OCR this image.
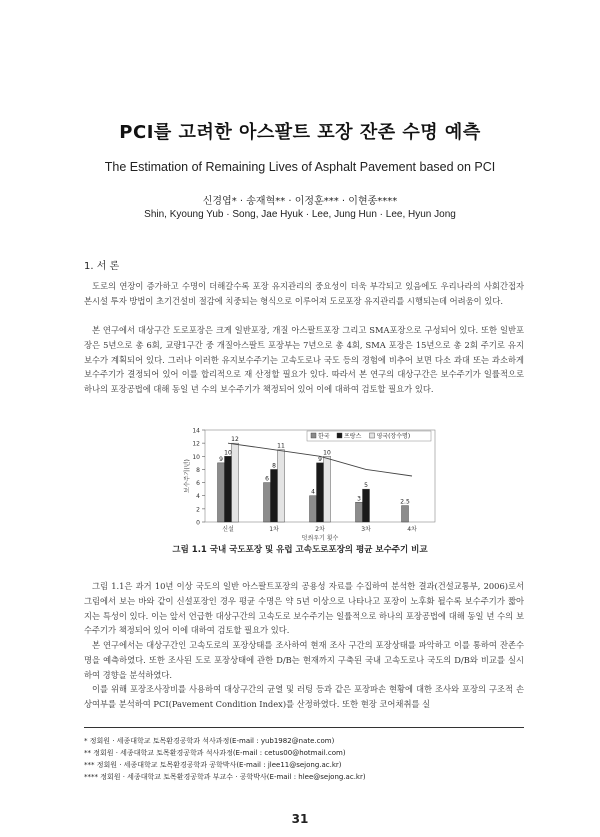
PCI를 고려한 아스팔트 포장 잔존 수명 예측
The Estimation of Remaining Lives of Asphalt Pavement based on PCI
신경엽* · 송재혁** · 이정훈*** · 이현종****
Shin, Kyoung Yub · Song, Jae Hyuk · Lee, Jung Hun · Lee, Hyun Jong
1. 서 론
도로의 연장이 증가하고 수명이 더해갈수록 포장 유지관리의 중요성이 더욱 부각되고 있음에도 우리나라의 사회간접자본시설 투자 방법이 초기건설비 절감에 치중되는 형식으로 이루어져 도로포장 유지관리를 시행되는데 어려움이 있다.
본 연구에서 대상구간 도로포장은 크게 일반포장, 개질 아스팔트포장 그리고 SMA포장으로 구성되어 있다. 또한 일반포장은 5년으로 총 6회, 교량1구간 중 개질아스팔트 포장부는 7년으로 총 4회, SMA 포장은 15년으로 총 2회 주기로 유지보수가 계획되어 있다. 그러나 이러한 유지보수주기는 고속도로나 국도 등의 경험에 비추어 보면 다소 과대 또는 과소하게 보수주기가 결정되어 있어 이를 합리적으로 재 산정할 필요가 있다. 따라서 본 연구의 대상구간은 보수주기가 일률적으로 하나의 포장공법에 대해 동일 년 수의 보수주기가 책정되어 있어 이에 대하여 검토할 필요가 있다.
0
2
4
6
8
10
12
14
신설
9
10
12
1차
6
8
11
2차
4
9
10
3차
3
5
4차
2.5
덧씌우기 횟수
보수주기(년)
한국 프랑스	영국(장수명)
그림 1.1 국내 국도포장 및 유럽 고속도로포장의 평균 보수주기 비교
그림 1.1은 과거 10년 이상 국도의 일반 아스팔트포장의 공용성 자료를 수집하여 분석한 결과(건설교통부, 2006)로서 그림에서 보는 바와 같이 신설포장인 경우 평균 수명은 약 5년 이상으로 나타나고 포장이 노후화 될수록 보수주기가 짧아지는 특성이 있다. 이는 앞서 언급한 대상구간의 고속도로 보수주기는 일률적으로 하나의 포장공법에 대해 동일 년 수의 보수주기가 책정되어 있어 이에 대하여 검토할 필요가 있다.
본 연구에서는 대상구간인 고속도로의 포장상태를 조사하여 현재 조사 구간의 포장상태를 파악하고 이를 통하여 잔존수명을 예측하였다. 또한 조사된 도로 포장상태에 관한 D/B는 현재까지 구축된 국내 고속도로나 국도의 D/B와 비교를 실시하여 경향을 분석하였다.
이를 위해 포장조사장비를 사용하여 대상구간의 균열 및 러팅 등과 같은 포장파손 현황에 대한 조사와 포장의 구조적 손상여부를 분석하여 PCI(Pavement Condition Index)를 산정하였다. 또한 현장 코어채취를 실
* 정회원 · 세종대학교 토목환경공학과 석사과정(E-mail : yub1982@nate.com)
** 정회원 · 세종대학교 토목환경공학과 석사과정(E-mail : cetus00@hotmail.com)
*** 정회원 · 세종대학교 토목환경공학과 공학박사(E-mail : jlee11@sejong.ac.kr)
**** 정회원 · 세종대학교 토목환경공학과 부교수 · 공학박사(E-mail : hlee@sejong.ac.kr)
31
